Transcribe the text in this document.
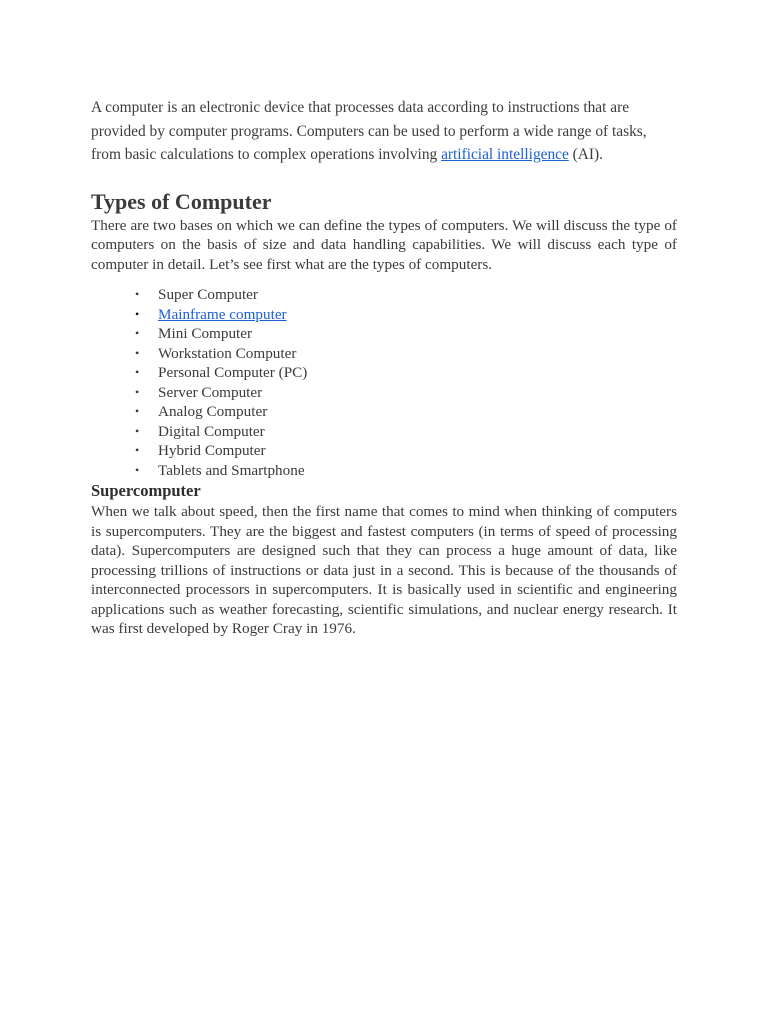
A computer is an electronic device that processes data according to instructions that are provided by computer programs. Computers can be used to perform a wide range of tasks, from basic calculations to complex operations involving artificial intelligence (AI).

Types of Computer

There are two bases on which we can define the types of computers. We will discuss the type of computers on the basis of size and data handling capabilities. We will discuss each type of computer in detail. Let’s see first what are the types of computers.

• Super Computer
• Mainframe computer
• Mini Computer
• Workstation Computer
• Personal Computer (PC)
• Server Computer
• Analog Computer
• Digital Computer
• Hybrid Computer
• Tablets and Smartphone
Supercomputer

When we talk about speed, then the first name that comes to mind when thinking of computers is supercomputers. They are the biggest and fastest computers (in terms of speed of processing data). Supercomputers are designed such that they can process a huge amount of data, like processing trillions of instructions or data just in a second. This is because of the thousands of interconnected processors in supercomputers. It is basically used in scientific and engineering applications such as weather forecasting, scientific simulations, and nuclear energy research. It was first developed by Roger Cray in 1976.
